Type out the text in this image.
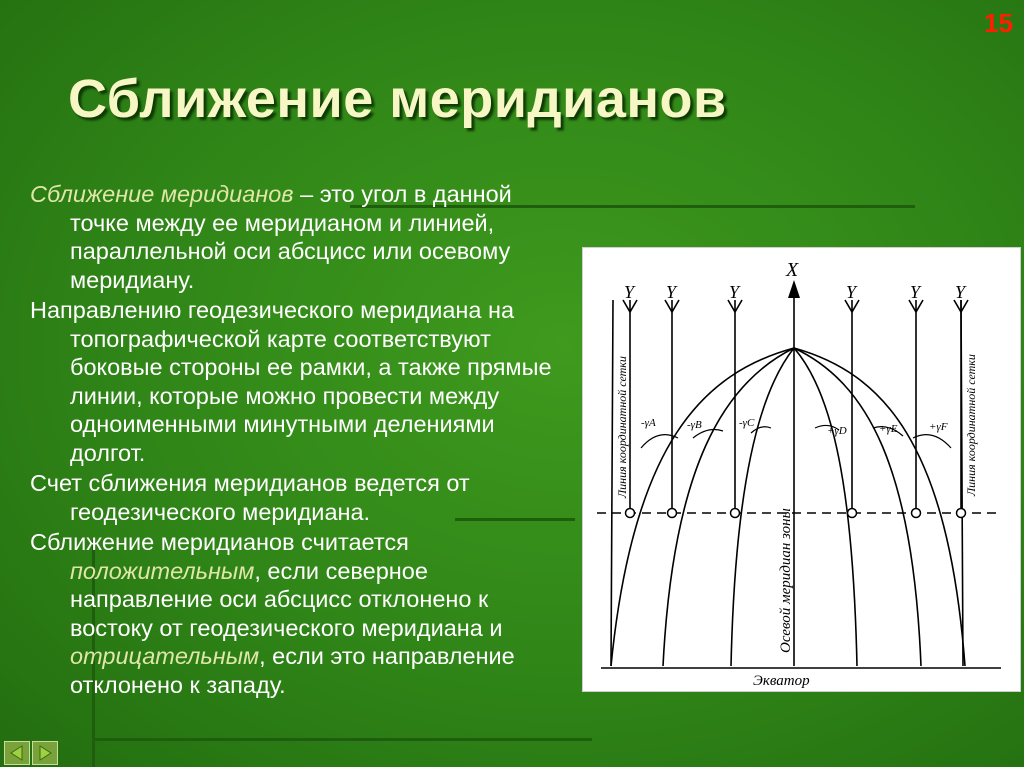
15
Сближение меридианов

Сближение меридианов – это угол в данной точке между ее меридианом и линией, параллельной оси абсцисс или осевому меридиану.

Направлению геодезического меридиана на топографической карте соответствуют боковые стороны ее рамки, а также прямые линии, которые можно провести между одноименными минутными делениями долгот.

Счет сближения меридианов ведется от геодезического меридиана.

Сближение меридианов считается положительным, если северное направление оси абсцисс отклонено к востоку от геодезического меридиана и отрицательным, если это направление отклонено к западу.

X
Y Y	Y	Y	Y Y
Линия координатной сетки	Линия координатной сетки
Осевой меридиан зоны
Экватор
-γA	-γB	-γC
+γD	+γE	+γF
